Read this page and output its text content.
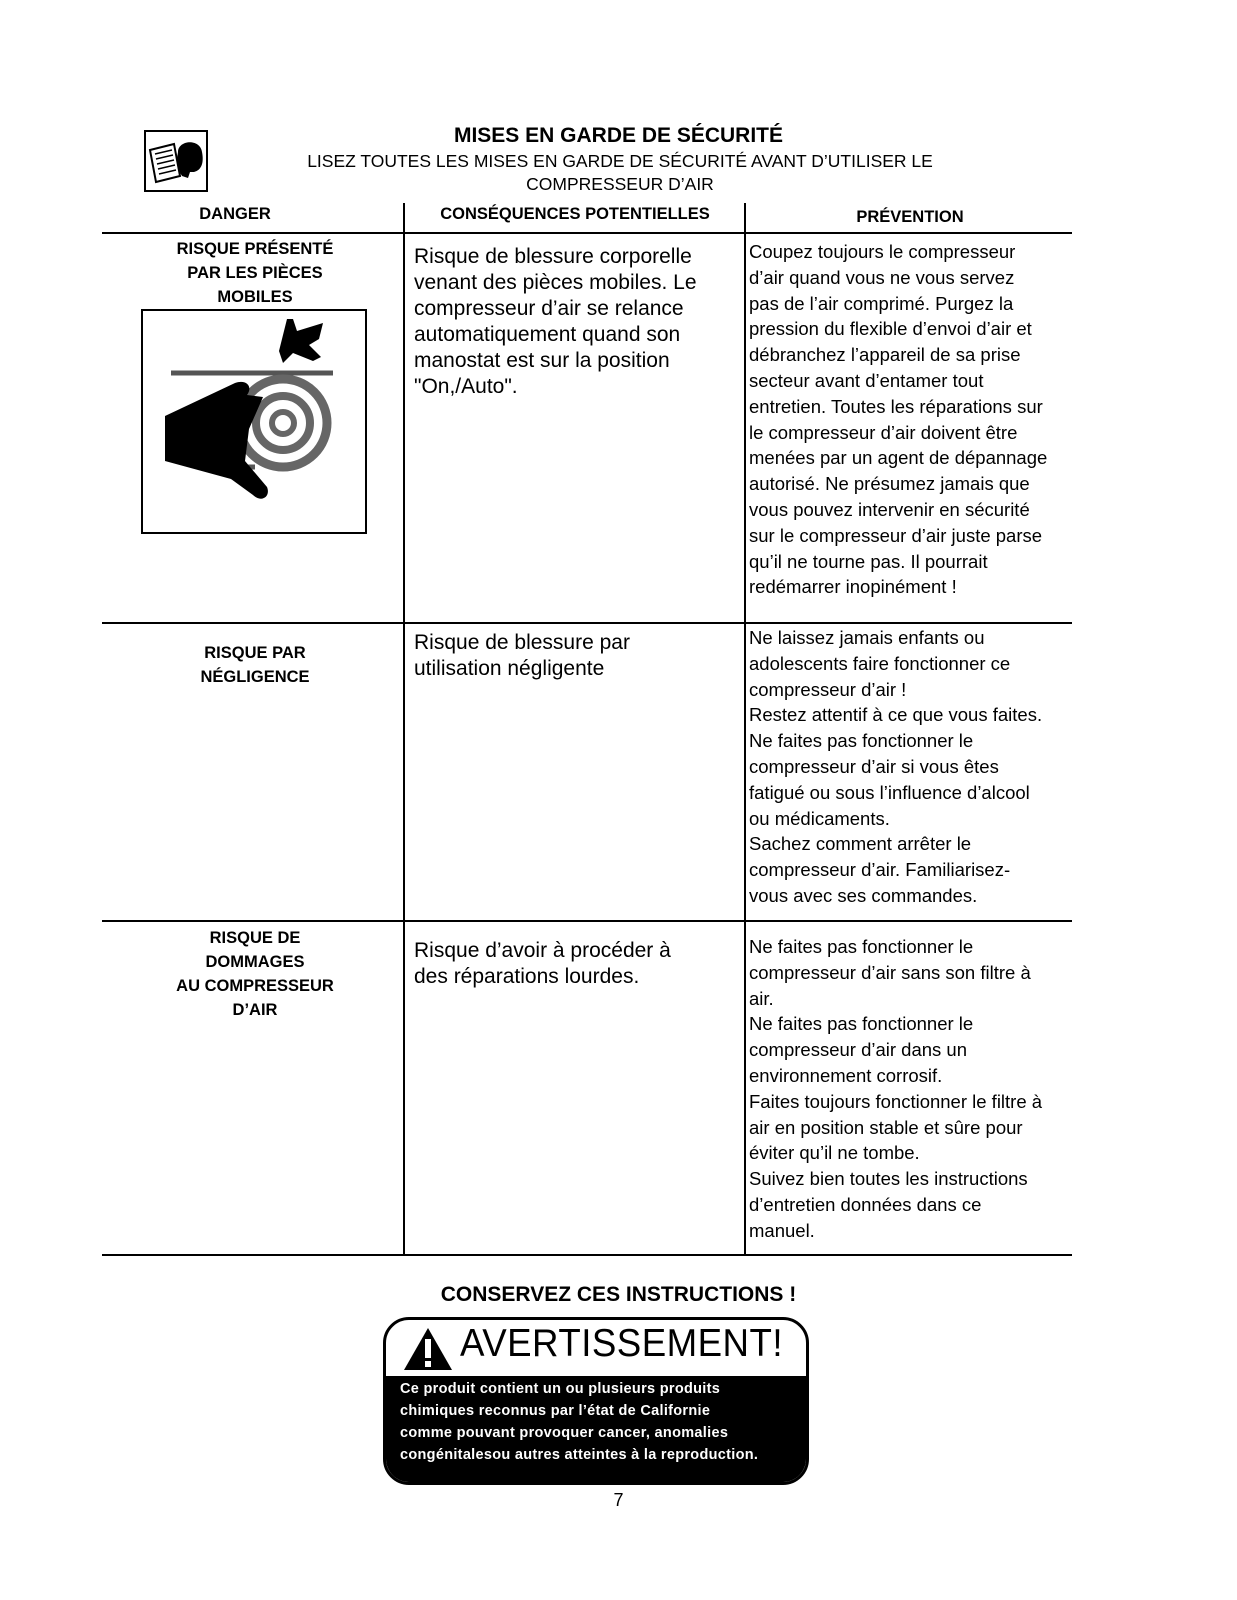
MISES EN GARDE DE SÉCURITÉ
LISEZ TOUTES LES MISES EN GARDE DE SÉCURITÉ AVANT D’UTILISER LE
COMPRESSEUR D’AIR
DANGER	CONSÉQUENCES POTENTIELLES	PRÉVENTION
RISQUE PRÉSENTÉ
PAR LES PIÈCES
MOBILES
Risque de blessure corporelle
venant des pièces mobiles. Le
compresseur d’air se relance
automatiquement quand son
manostat est sur la position
"On,/Auto".
Coupez toujours le compresseur
d’air quand vous ne vous servez
pas de l’air comprimé. Purgez la
pression du flexible d’envoi d’air et
débranchez l’appareil de sa prise
secteur avant d’entamer tout
entretien. Toutes les réparations sur
le compresseur d’air doivent être
menées par un agent de dépannage
autorisé. Ne présumez jamais que
vous pouvez intervenir en sécurité
sur le compresseur d’air juste parse
qu’il ne tourne pas. Il pourrait
redémarrer inopinément !
RISQUE PAR
NÉGLIGENCE
Risque de blessure par
utilisation négligente
Ne laissez jamais enfants ou
adolescents faire fonctionner ce
compresseur d’air !
Restez attentif à ce que vous faites.
Ne faites pas fonctionner le
compresseur d’air si vous êtes
fatigué ou sous l’influence d’alcool
ou médicaments.
Sachez comment arrêter le
compresseur d’air. Familiarisez-
vous avec ses commandes.
RISQUE DE
DOMMAGES
AU COMPRESSEUR
D’AIR
Risque d’avoir à procéder à
des réparations lourdes.
Ne faites pas fonctionner le
compresseur d’air sans son filtre à
air.
Ne faites pas fonctionner le
compresseur d’air dans un
environnement corrosif.
Faites toujours fonctionner le filtre à
air en position stable et sûre pour
éviter qu’il ne tombe.
Suivez bien toutes les instructions
d’entretien données dans ce
manuel.
CONSERVEZ CES INSTRUCTIONS !
AVERTISSEMENT!
Ce produit contient un ou plusieurs produits
chimiques reconnus par l’état de Californie
comme pouvant provoquer cancer, anomalies
congénitalesou autres atteintes à la reproduction.
7
